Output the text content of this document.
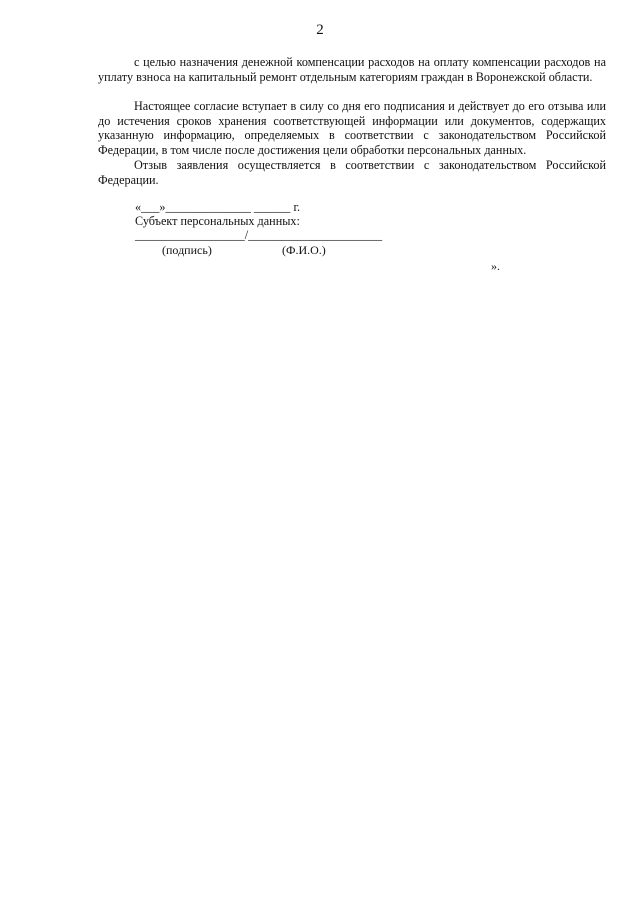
2

с целью назначения денежной компенсации расходов на оплату компенсации расходов на уплату взноса на капитальный ремонт отдельным категориям граждан в Воронежской области.

Настоящее согласие вступает в силу со дня его подписания и действует до его отзыва или до истечения сроков хранения соответствующей информации или документов, содержащих указанную информацию, определяемых в соответствии с законодательством Российской Федерации, в том числе после достижения цели обработки персональных данных.

Отзыв заявления осуществляется в соответствии с законодательством Российской Федерации.

«___»______________ ______ г.
Субъект персональных данных:
__________________/______________________
(подпись)	(Ф.И.О.)
».
